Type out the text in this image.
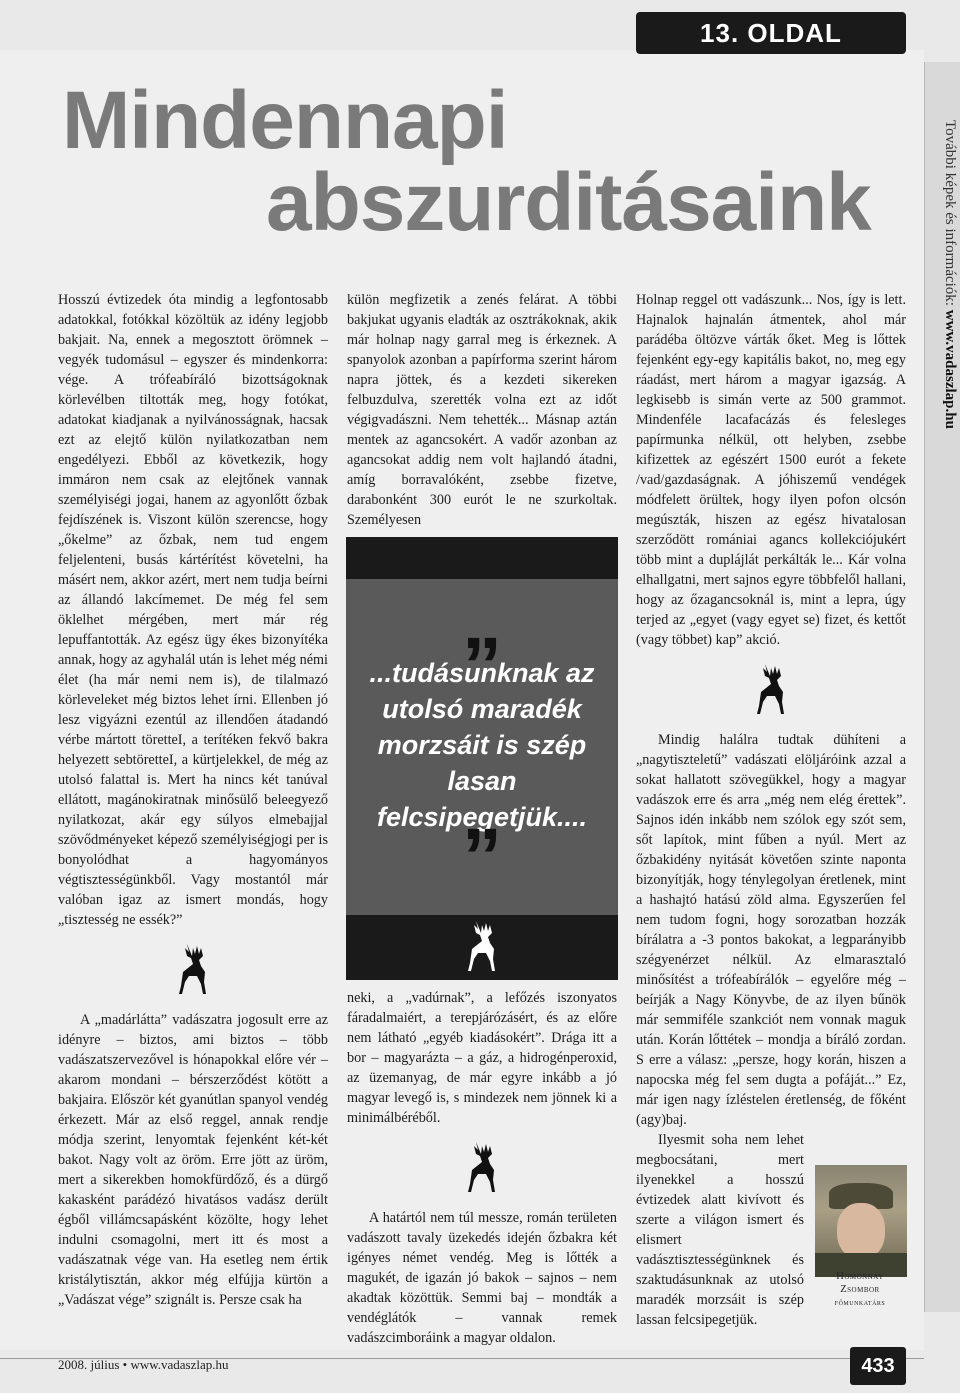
13. OLDAL
További képek és információk: www.vadaszlap.hu
Mindennapi
abszurditásaink

Hosszú évtizedek óta mindig a legfontosabb adatokkal, fotókkal közöltük az idény legjobb bakjait. Na, ennek a megosztott örömnek – vegyék tudomásul – egyszer és mindenkorra: vége. A trófeabíráló bizottságoknak körlevélben tiltották meg, hogy fotókat, adatokat kiadjanak a nyilvánosságnak, hacsak ezt az elejtő külön nyilatkozatban nem engedélyezi. Ebből az következik, hogy immáron nem csak az elejtőnek vannak személyiségi jogai, hanem az agyonlőtt őzbak fejdíszének is. Viszont külön szerencse, hogy „őkelme” az őzbak, nem tud engem feljelenteni, busás kártérítést követelni, ha másért nem, akkor azért, mert nem tudja beírni az állandó lakcímemet. De még fel sem öklelhet mérgében, mert már rég lepuffantották. Az egész ügy ékes bizonyítéka annak, hogy az agyhalál után is lehet még némi élet (ha már nemi nem is), de tilalmazó körleveleket még biztos lehet írni. Ellenben jó lesz vigyázni ezentúl az illendően átadandó vérbe mártott töretteI, a terítéken fekvő bakra helyezett sebtöretteI, a kürtjelekkel, de még az utolsó falattal is. Mert ha nincs két tanúval ellátott, magánokiratnak minősülő beleegyező nyilatkozat, akár egy súlyos elmebajjal szövődményeket képező személyiségjogi per is bonyolódhat a hagyományos végtisztességünkből. Vagy mostantól már valóban igaz az ismert mondás, hogy „tisztesség ne essék?”

A „madárlátta” vadászatra jogosult erre az idényre – biztos, ami biztos – több vadászatszervezővel is hónapokkal előre vér – akarom mondani – bérszerződést kötött a bakjaira. Először két gyanútlan spanyol vendég érkezett. Már az első reggel, annak rendje módja szerint, lenyomtak fejenként két-két bakot. Nagy volt az öröm. Erre jött az üröm, mert a sikerekben homokfürdőző, és a dürgő kakasként parádézó hivatásos vadász derült égből villámcsapásként közölte, hogy lehet indulni csomagolni, mert itt és most a vadászatnak vége van. Ha esetleg nem értik kristálytisztán, akkor még elfújja kürtön a „Vadászat vége” szignált is. Persze csak ha

külön megfizetik a zenés felárat. A többi bakjukat ugyanis eladták az osztrákoknak, akik már holnap nagy garral meg is érkeznek. A spanyolok azonban a papírforma szerint három napra jöttek, és a kezdeti sikereken felbuzdulva, szerették volna ezt az időt végigvadászni. Nem tehették... Másnap aztán mentek az agancsokért. A vadőr azonban az agancsokat addig nem volt hajlandó átadni, amíg borravalóként, zsebbe fizetve, darabonként 300 eurót le ne szurkoltak. Személyesen

„
...tudásunknak az utolsó maradék morzsáit is szép lasan felcsipegetjük....
”

neki, a „vadúrnak”, a lefőzés iszonyatos fáradalmaiért, a terepjárózásért, és az előre nem látható „egyéb kiadásokért”. Drága itt a bor – magyarázta – a gáz, a hidrogénperoxid, az üzemanyag, de már egyre inkább a jó magyar levegő is, s mindezek nem jönnek ki a minimálbéréből.

A határtól nem túl messze, román területen vadászott tavaly üzekedés idején őzbakra két igényes német vendég. Meg is lőtték a magukét, de igazán jó bakok – sajnos – nem akadtak közöttük. Semmi baj – mondták a vendéglátók – vannak remek vadászcimboráink a magyar oldalon.

Holnap reggel ott vadászunk... Nos, így is lett. Hajnalok hajnalán átmentek, ahol már parádéba öltözve várták őket. Meg is lőttek fejenként egy-egy kapitális bakot, no, meg egy ráadást, mert három a magyar igazság. A legkisebb is simán verte az 500 grammot. Mindenféle lacafacázás és felesleges papírmunka nélkül, ott helyben, zsebbe kifizettek az egészért 1500 eurót a fekete /vad/gazdaságnak. A jóhiszemű vendégek módfelett örültek, hogy ilyen pofon olcsón megúszták, hiszen az egész hivatalosan szerződött romániai agancs kollekciójukért több mint a duplájlát perkálták le... Kár volna elhallgatni, mert sajnos egyre többfelől hallani, hogy az őzagancsoknál is, mint a lepra, úgy terjed az „egyet (vagy egyet se) fizet, és kettőt (vagy többet) kap” akció.

Mindig halálra tudtak dühíteni a „nagytiszteletű” vadászati elöljáróink azzal a sokat hallatott szövegükkel, hogy a magyar vadászok erre és arra „még nem elég érettek”. Sajnos idén inkább nem szólok egy szót sem, sőt lapítok, mint fűben a nyúl. Mert az őzbakidény nyitását követően szinte naponta bizonyítják, hogy ténylegolyan éretlenek, mint a hashajtó hatású zöld alma. Egyszerűen fel nem tudom fogni, hogy sorozatban hozzák bírálatra a -3 pontos bakokat, a legparányibb szégyenérzet nélkül. Az elmarasztaló minősítést a trófeabírálók – egyelőre még – beírják a Nagy Könyvbe, de az ilyen bűnök már semmiféle szankciót nem vonnak maguk után. Korán lőttétek – mondja a bíráló zordan. S erre a válasz: „persze, hogy korán, hiszen a napocska még fel sem dugta a pofáját...” Ez, már igen nagy ízléstelen éretlenség, de főként (agy)baj.

Ilyesmit soha nem lehet megbocsátani, mert ilyenekkel a hosszú évtizedek alatt kivívott és szerte a világon ismert és elismert vadásztisztességünknek és szaktudásunknak az utolsó maradék morzsáit is szép lassan felcsipegetjük.

Homonnay
Zsombor
főmunkatárs
2008. július • www.vadaszlap.hu	433
